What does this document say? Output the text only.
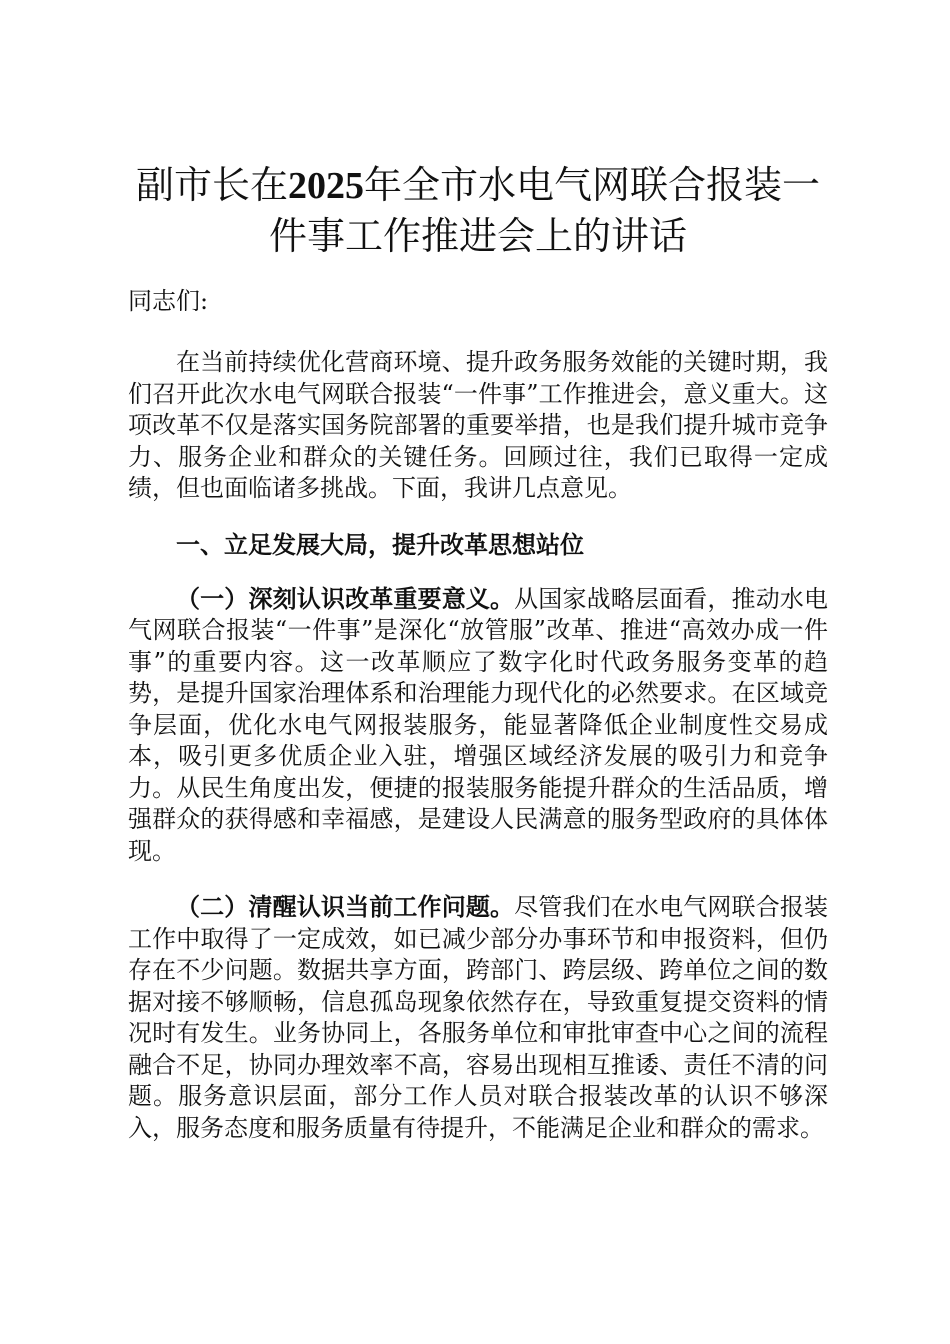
副市长在2025年全市水电气网联合报装一件事工作推进会上的讲话

同志们:

在当前持续优化营商环境、提升政务服务效能的关键时期，我们召开此次水电气网联合报装“一件事”工作推进会，意义重大。这项改革不仅是落实国务院部署的重要举措，也是我们提升城市竞争力、服务企业和群众的关键任务。回顾过往，我们已取得一定成绩，但也面临诸多挑战。下面，我讲几点意见。

一、立足发展大局，提升改革思想站位

（一）深刻认识改革重要意义。从国家战略层面看，推动水电气网联合报装“一件事”是深化“放管服”改革、推进“高效办成一件事”的重要内容。这一改革顺应了数字化时代政务服务变革的趋势，是提升国家治理体系和治理能力现代化的必然要求。在区域竞争层面，优化水电气网报装服务，能显著降低企业制度性交易成本，吸引更多优质企业入驻，增强区域经济发展的吸引力和竞争力。从民生角度出发，便捷的报装服务能提升群众的生活品质，增强群众的获得感和幸福感，是建设人民满意的服务型政府的具体体现。

（二）清醒认识当前工作问题。尽管我们在水电气网联合报装工作中取得了一定成效，如已减少部分办事环节和申报资料，但仍存在不少问题。数据共享方面，跨部门、跨层级、跨单位之间的数据对接不够顺畅，信息孤岛现象依然存在，导致重复提交资料的情况时有发生。业务协同上，各服务单位和审批审查中心之间的流程融合不足，协同办理效率不高，容易出现相互推诿、责任不清的问题。服务意识层面，部分工作人员对联合报装改革的认识不够深入，服务态度和服务质量有待提升，不能满足企业和群众的需求。
